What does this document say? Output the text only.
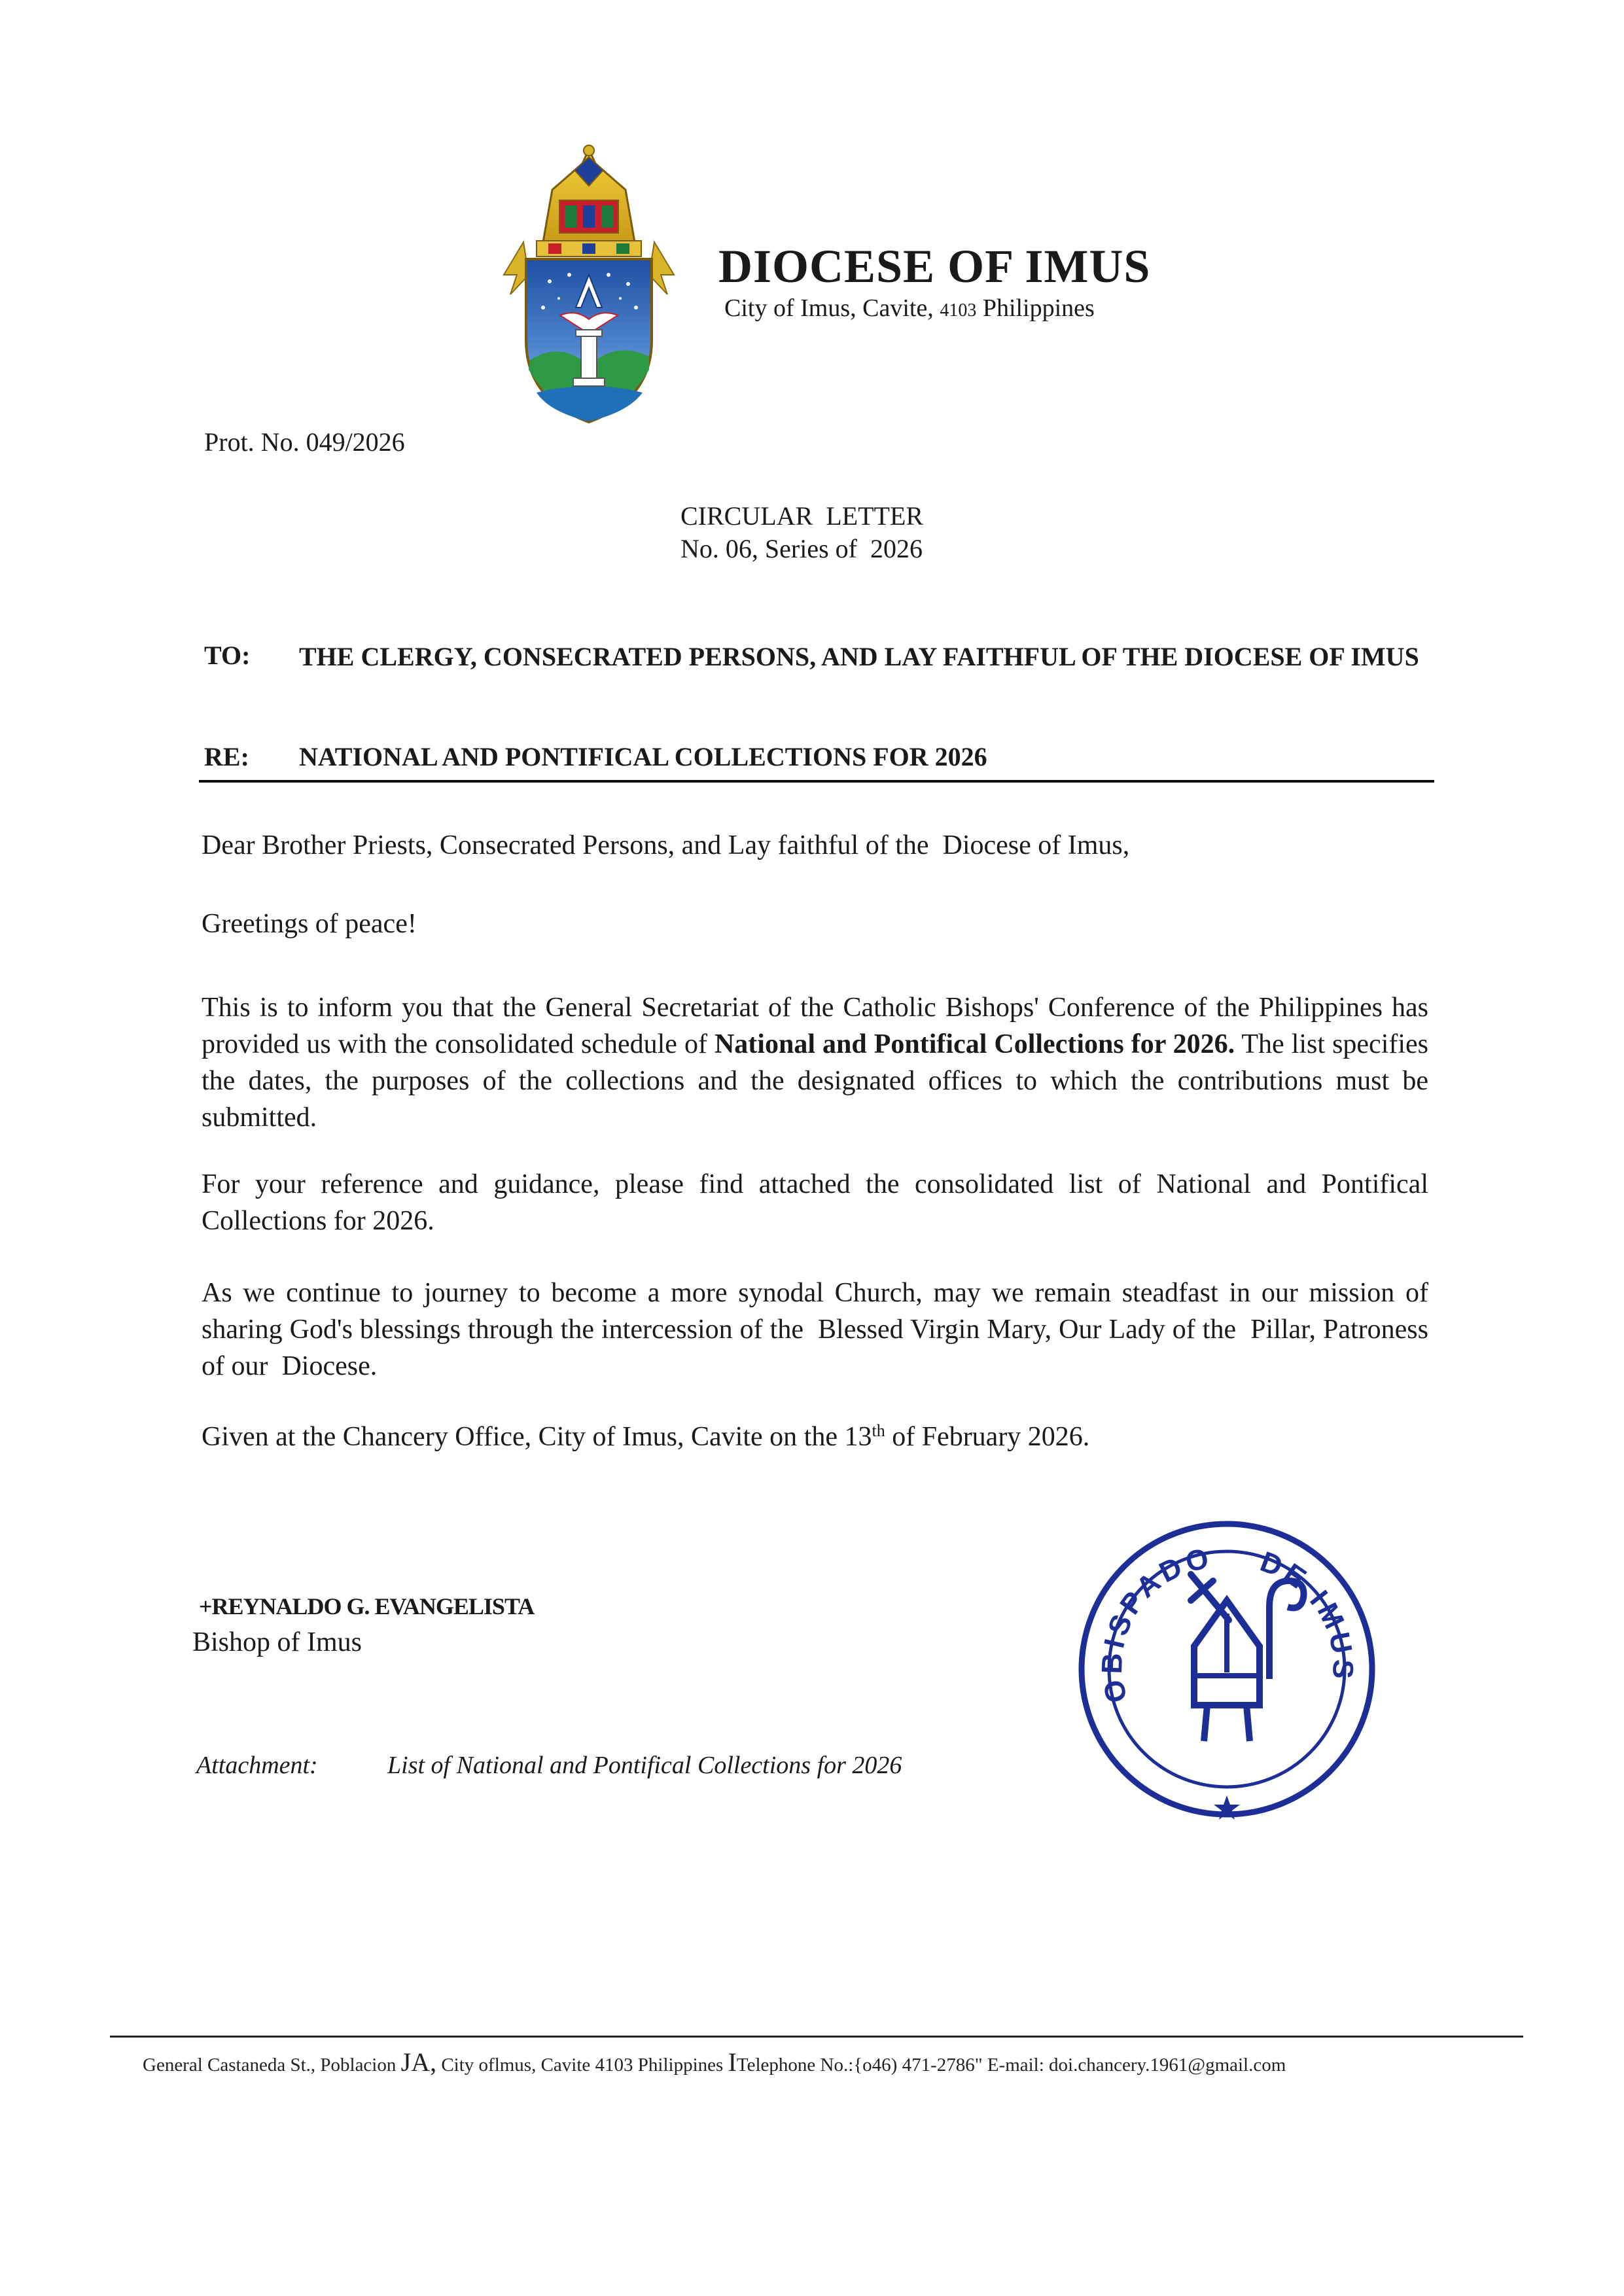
DIOCESE OF IMUS
City of Imus, Cavite, 4103 Philippines
Prot. No. 049/2026
CIRCULAR  LETTER
No. 06, Series of  2026
TO: THE CLERGY, CONSECRATED PERSONS, AND LAY FAITHFUL OF THE DIOCESE OF IMUS
RE: NATIONAL AND PONTIFICAL COLLECTIONS FOR 2026
Dear Brother Priests, Consecrated Persons, and Lay faithful of the  Diocese of Imus,
Greetings of peace!
This is to inform you that the General Secretariat of the Catholic Bishops' Conference of the Philippines has provided us with the consolidated schedule of National and Pontifical Collections for 2026. The list specifies the dates, the purposes of the collections and the designated offices to which the contributions must be submitted.
For your reference and guidance, please find attached the consolidated list of National and Pontifical Collections for 2026.
As we continue to journey to become a more synodal Church, may we remain steadfast in our mission of sharing God's blessings through the intercession of the  Blessed Virgin Mary, Our Lady of the  Pillar, Patroness of our  Diocese.
Given at the Chancery Office, City of Imus, Cavite on the 13th of February 2026.
+REYNALDO G. EVANGELISTA
Bishop of Imus
Attachment:	List of National and Pontifical Collections for 2026
OBISPADO DE IMUS
General Castaneda St., Poblacion JA, City oflmus, Cavite 4103 Philippines ITelephone No.:{o46) 471-2786" E-mail: doi.chancery.1961@gmail.com
